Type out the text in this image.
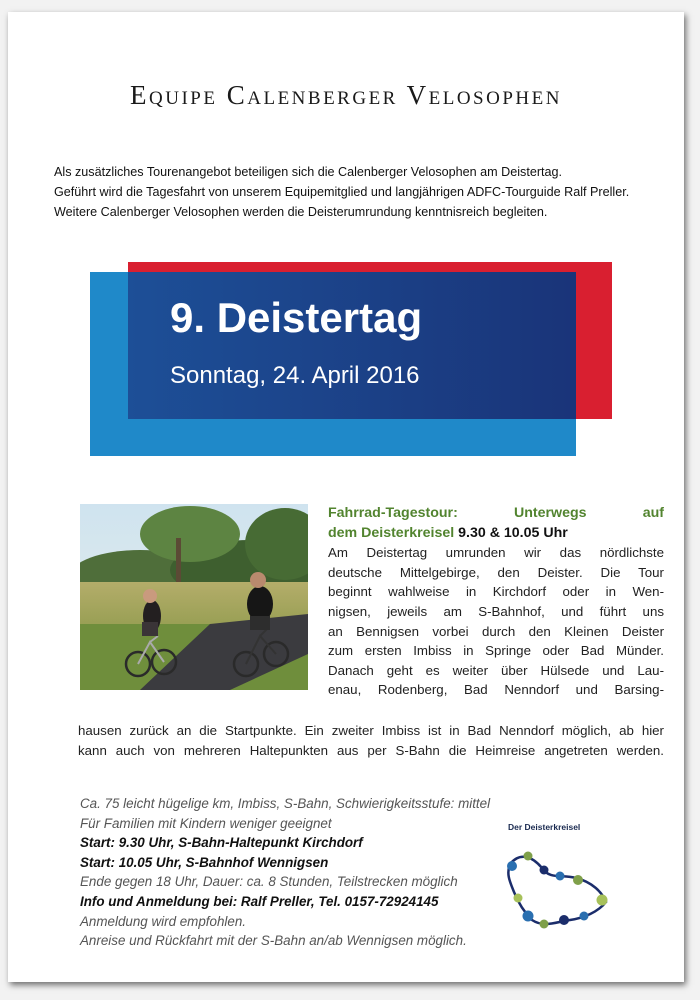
Equipe Calenberger Velosophen
Als zusätzliches Tourenangebot beteiligen sich die Calenberger Velosophen am Deistertag.
Geführt wird die Tagesfahrt von unserem Equipemitglied und langjährigen ADFC-Tourguide Ralf Preller.
Weitere Calenberger Velosophen werden die Deisterumrundung kenntnisreich begleiten.
9. Deistertag
Sonntag, 24. April 2016
Fahrrad-Tagestour: Unterwegs auf
dem Deisterkreisel 9.30 & 10.05 Uhr
Am Deistertag umrunden wir das nördlichste
deutsche Mittelgebirge, den Deister. Die Tour
beginnt wahlweise in Kirchdorf oder in Wen-
nigsen, jeweils am S-Bahnhof, und führt uns
an Bennigsen vorbei durch den Kleinen Deister
zum ersten Imbiss in Springe oder Bad Münder.
Danach geht es weiter über Hülsede und Lau-
enau, Rodenberg, Bad Nenndorf und Barsing-
hausen zurück an die Startpunkte. Ein zweiter Imbiss ist in Bad Nenndorf möglich, ab hier
kann auch von mehreren Haltepunkten aus per S-Bahn die Heimreise angetreten werden.
Ca. 75 leicht hügelige km, Imbiss, S-Bahn, Schwierigkeitsstufe: mittel
Für Familien mit Kindern weniger geeignet
Start: 9.30 Uhr, S-Bahn-Haltepunkt Kirchdorf
Start: 10.05 Uhr, S-Bahnhof Wennigsen
Ende gegen 18 Uhr, Dauer: ca. 8 Stunden, Teilstrecken möglich
Info und Anmeldung bei: Ralf Preller, Tel. 0157-72924145
Anmeldung wird empfohlen.
Anreise und Rückfahrt mit der S-Bahn an/ab Wennigsen möglich.
Der Deisterkreisel
